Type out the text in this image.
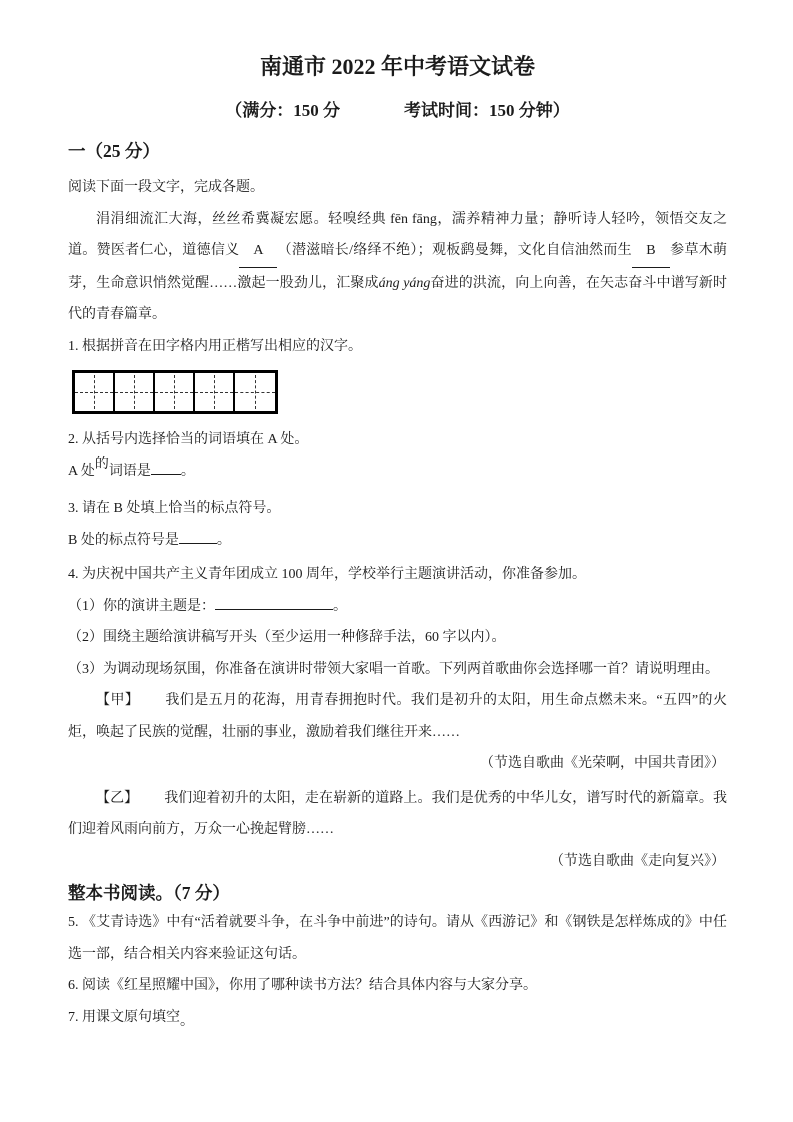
南通市 2022 年中考语文试卷
（满分：150 分	考试时间：150 分钟）
一（25 分）

阅读下面一段文字，完成各题。

涓涓细流汇大海，丝丝希冀凝宏愿。轻嗅经典 fēn fāng，濡养精神力量；静听诗人轻吟，领悟交友之道。赞医者仁心，道德信义 A （潜滋暗长/络绎不绝）；观板鹞曼舞，文化自信油然而生 B 参草木萌芽，生命意识悄然觉醒……激起一股劲儿，汇聚成áng yáng奋进的洪流，向上向善，在矢志奋斗中谱写新时代的青春篇章。

1. 根据拼音在田字格内用正楷写出相应的汉字。

2. 从括号内选择恰当的词语填在 A 处。

A 处的词语是 。

3. 请在 B 处填上恰当的标点符号。

B 处的标点符号是	。

4. 为庆祝中国共产主义青年团成立 100 周年，学校举行主题演讲活动，你准备参加。

（1）你的演讲主题是：	。

（2）围绕主题给演讲稿写开头（至少运用一种修辞手法，60 字以内）。

（3）为调动现场氛围，你准备在演讲时带领大家唱一首歌。下列两首歌曲你会选择哪一首？请说明理由。

【甲】 我们是五月的花海，用青春拥抱时代。我们是初升的太阳，用生命点燃未来。“五四”的火炬，唤起了民族的觉醒，壮丽的事业，激励着我们继往开来……

（节选自歌曲《光荣啊，中国共青团》）

【乙】 我们迎着初升的太阳，走在崭新的道路上。我们是优秀的中华儿女，谱写时代的新篇章。我们迎着风雨向前方，万众一心挽起臂膀……

（节选自歌曲《走向复兴》）

整本书阅读。（7 分）

5. 《艾青诗选》中有“活着就要斗争，在斗争中前进”的诗句。请从《西游记》和《钢铁是怎样炼成的》中任选一部，结合相关内容来验证这句话。

6. 阅读《红星照耀中国》，你用了哪种读书方法？结合具体内容与大家分享。

7. 用课文原句填空。
